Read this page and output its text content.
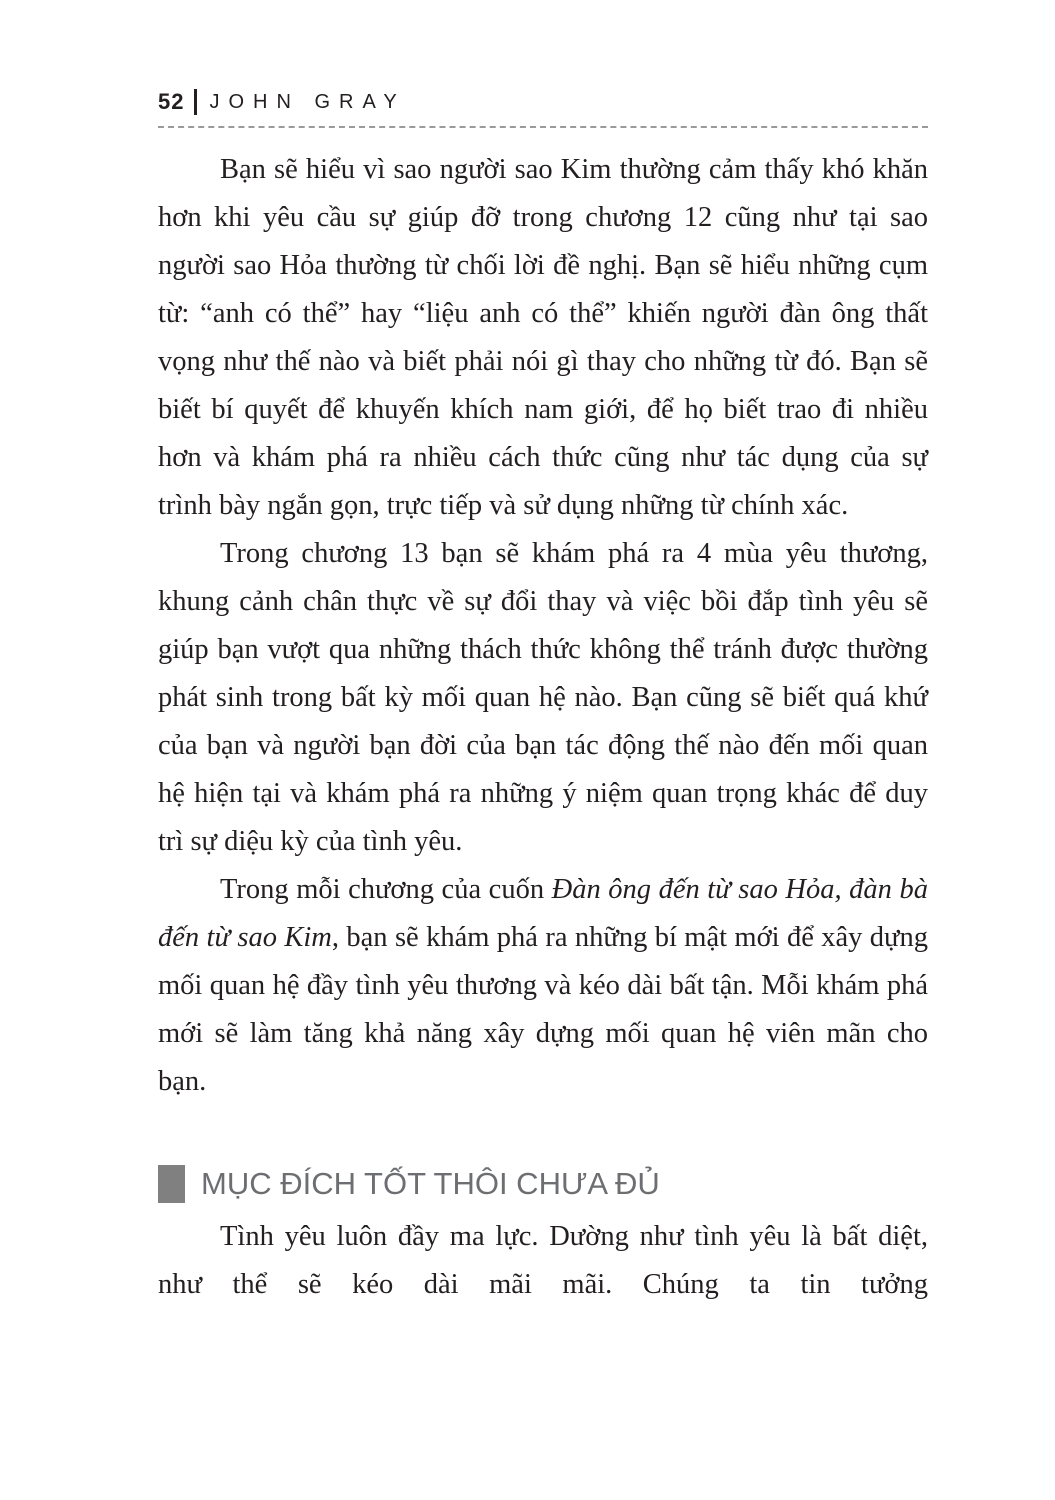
52 JOHN GRAY

Bạn sẽ hiểu vì sao người sao Kim thường cảm thấy khó khăn hơn khi yêu cầu sự giúp đỡ trong chương 12 cũng như tại sao người sao Hỏa thường từ chối lời đề nghị. Bạn sẽ hiểu những cụm từ: “anh có thể” hay “liệu anh có thể” khiến người đàn ông thất vọng như thế nào và biết phải nói gì thay cho những từ đó. Bạn sẽ biết bí quyết để khuyến khích nam giới, để họ biết trao đi nhiều hơn và khám phá ra nhiều cách thức cũng như tác dụng của sự trình bày ngắn gọn, trực tiếp và sử dụng những từ chính xác.

Trong chương 13 bạn sẽ khám phá ra 4 mùa yêu thương, khung cảnh chân thực về sự đổi thay và việc bồi đắp tình yêu sẽ giúp bạn vượt qua những thách thức không thể tránh được thường phát sinh trong bất kỳ mối quan hệ nào. Bạn cũng sẽ biết quá khứ của bạn và người bạn đời của bạn tác động thế nào đến mối quan hệ hiện tại và khám phá ra những ý niệm quan trọng khác để duy trì sự diệu kỳ của tình yêu.

Trong mỗi chương của cuốn Đàn ông đến từ sao Hỏa, đàn bà đến từ sao Kim, bạn sẽ khám phá ra những bí mật mới để xây dựng mối quan hệ đầy tình yêu thương và kéo dài bất tận. Mỗi khám phá mới sẽ làm tăng khả năng xây dựng mối quan hệ viên mãn cho bạn.

MỤC ĐÍCH TỐT THÔI CHƯA ĐỦ

Tình yêu luôn đầy ma lực. Dường như tình yêu là bất diệt, như thể sẽ kéo dài mãi mãi. Chúng ta tin tưởng
